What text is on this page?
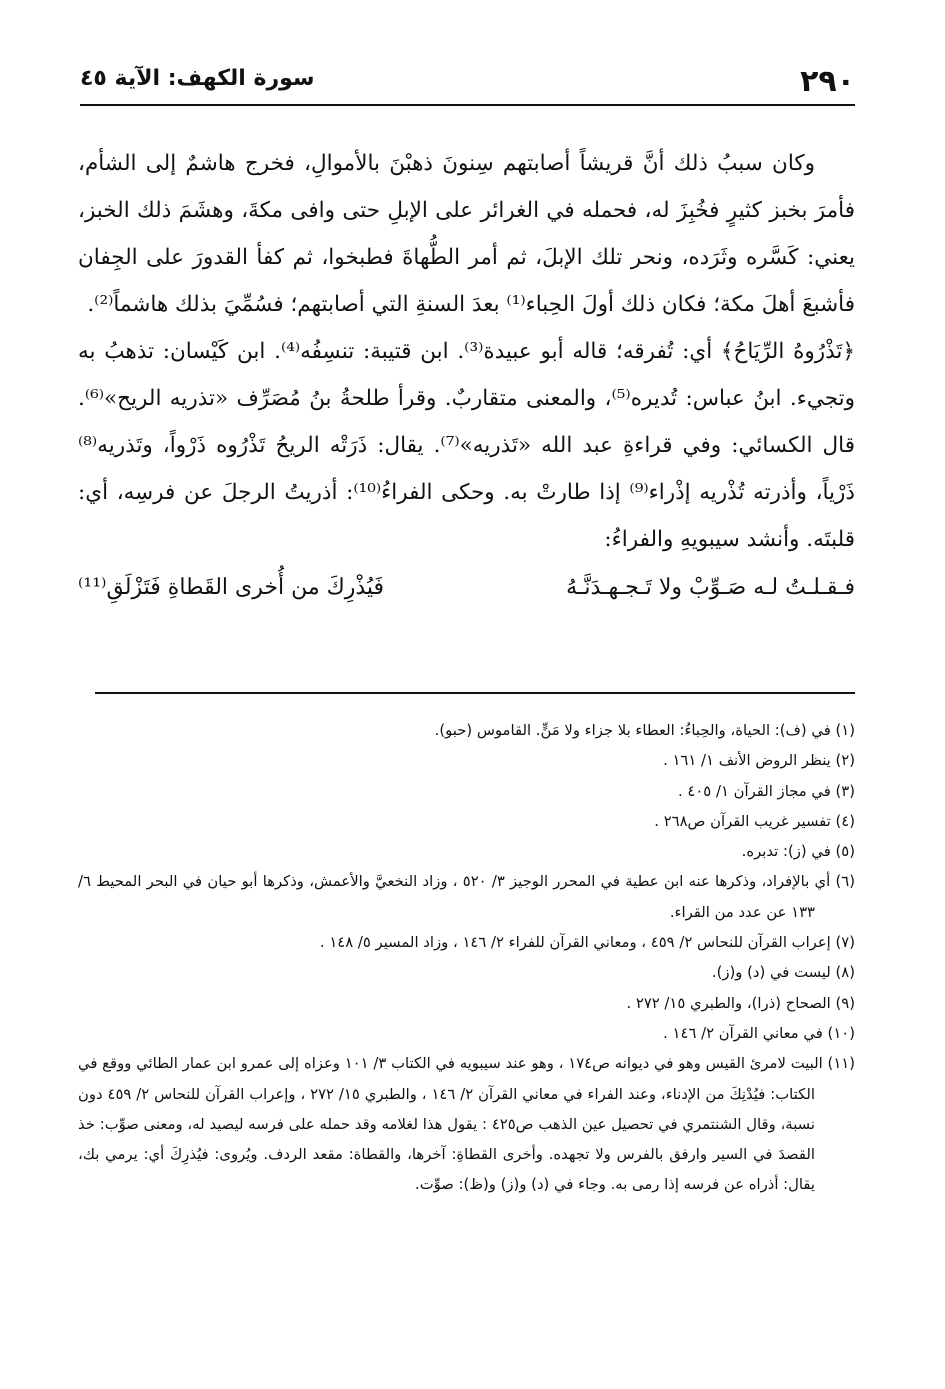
٢٩٠
سورة الكهف: الآية ٤٥

وكان سببُ ذلك أنَّ قريشاً أصابتهم سِنونَ ذهبْنَ بالأموالِ، فخرج هاشمٌ إلى الشأم، فأمرَ بخبز كثيرٍ فخُبِزَ له، فحمله في الغرائر على الإبلِ حتى وافى مكةَ، وهشَمَ ذلك الخبز، يعني: كَسَّره وثَرَده، ونحر تلك الإبلَ، ثم أمر الطُّهاةَ فطبخوا، ثم كفأ القدورَ على الجِفان فأشبعَ أهلَ مكة؛ فكان ذلك أولَ الحِباء⁽¹⁾ بعدَ السنةِ التي أصابتهم؛ فسُمِّيَ بذلك هاشماً⁽²⁾.

﴿تَذْرُوهُ الرِّيَاحُ﴾ أي: تُفرقه؛ قاله أبو عبيدة⁽³⁾. ابن قتيبة: تنسِفُه⁽⁴⁾. ابن كَيْسان: تذهبُ به وتجيء. ابنُ عباس: تُديره⁽⁵⁾، والمعنى متقاربٌ. وقرأ طلحةُ بنُ مُصَرِّف «تذريه الريح»⁽⁶⁾. قال الكسائي: وفي قراءةِ عبد الله «تَذريه»⁽⁷⁾. يقال: ذَرَتْه الريحُ تَذْرُوه ذَرْواً، وتَذريه⁽⁸⁾ ذَرْياً، وأذرته تُذْريه إذْراء⁽⁹⁾ إذا طارتْ به. وحكى الفراءُ⁽¹⁰⁾: أذريتُ الرجلَ عن فرسِه، أي: قلبتَه. وأنشد سيبويهِ والفراءُ:

فـقـلـتُ لـه صَـوِّبْ ولا تَـجـهـدَنَّـهُ
فَيُذْرِكَ من أُخرى القَطاةِ فَتَزْلَقِ⁽¹¹⁾
(١) في (ف): الحياة، والحِباءُ: العطاء بلا جزاء ولا مَنٍّ. القاموس (حبو).
(٢) ينظر الروض الأنف ١/ ١٦١ .
(٣) في مجاز القرآن ١/ ٤٠٥ .
(٤) تفسير غريب القرآن ص٢٦٨ .
(٥) في (ز): تدبره.
(٦) أي بالإفراد، وذكرها عنه ابن عطية في المحرر الوجيز ٣/ ٥٢٠ ، وزاد النخعيَّ والأعمش، وذكرها أبو حيان في البحر المحيط ٦/ ١٣٣ عن عدد من القراء.
(٧) إعراب القرآن للنحاس ٢/ ٤٥٩ ، ومعاني القرآن للفراء ٢/ ١٤٦ ، وزاد المسير ٥/ ١٤٨ .
(٨) ليست في (د) و(ز).
(٩) الصحاح (ذرا)، والطبري ١٥/ ٢٧٢ .
(١٠) في معاني القرآن ٢/ ١٤٦ .
(١١) البيت لامرئ القيس وهو في ديوانه ص١٧٤ ، وهو عند سيبويه في الكتاب ٣/ ١٠١ وعزاه إلى عمرو ابن عمار الطائي ووقع في الكتاب: فيُدْنِكَ من الإدناء، وعند الفراء في معاني القرآن ٢/ ١٤٦ ، والطبري ١٥/ ٢٧٢ ، وإعراب القرآن للنحاس ٢/ ٤٥٩ دون نسبة، وقال الشنتمري في تحصيل عين الذهب ص٤٢٥ : يقول هذا لغلامه وقد حمله على فرسه ليصيد له، ومعنى صوِّب: خذ القصدَ في السير وارفق بالفرس ولا تجهده. وأخرى القطاةِ: آخرها، والقطاة: مقعد الردف. ويُروى: فيُذرِكَ أي: يرمي بك، يقال: أذراه عن فرسه إذا رمى به. وجاء في (د) و(ز) و(ظ): صوِّت.
